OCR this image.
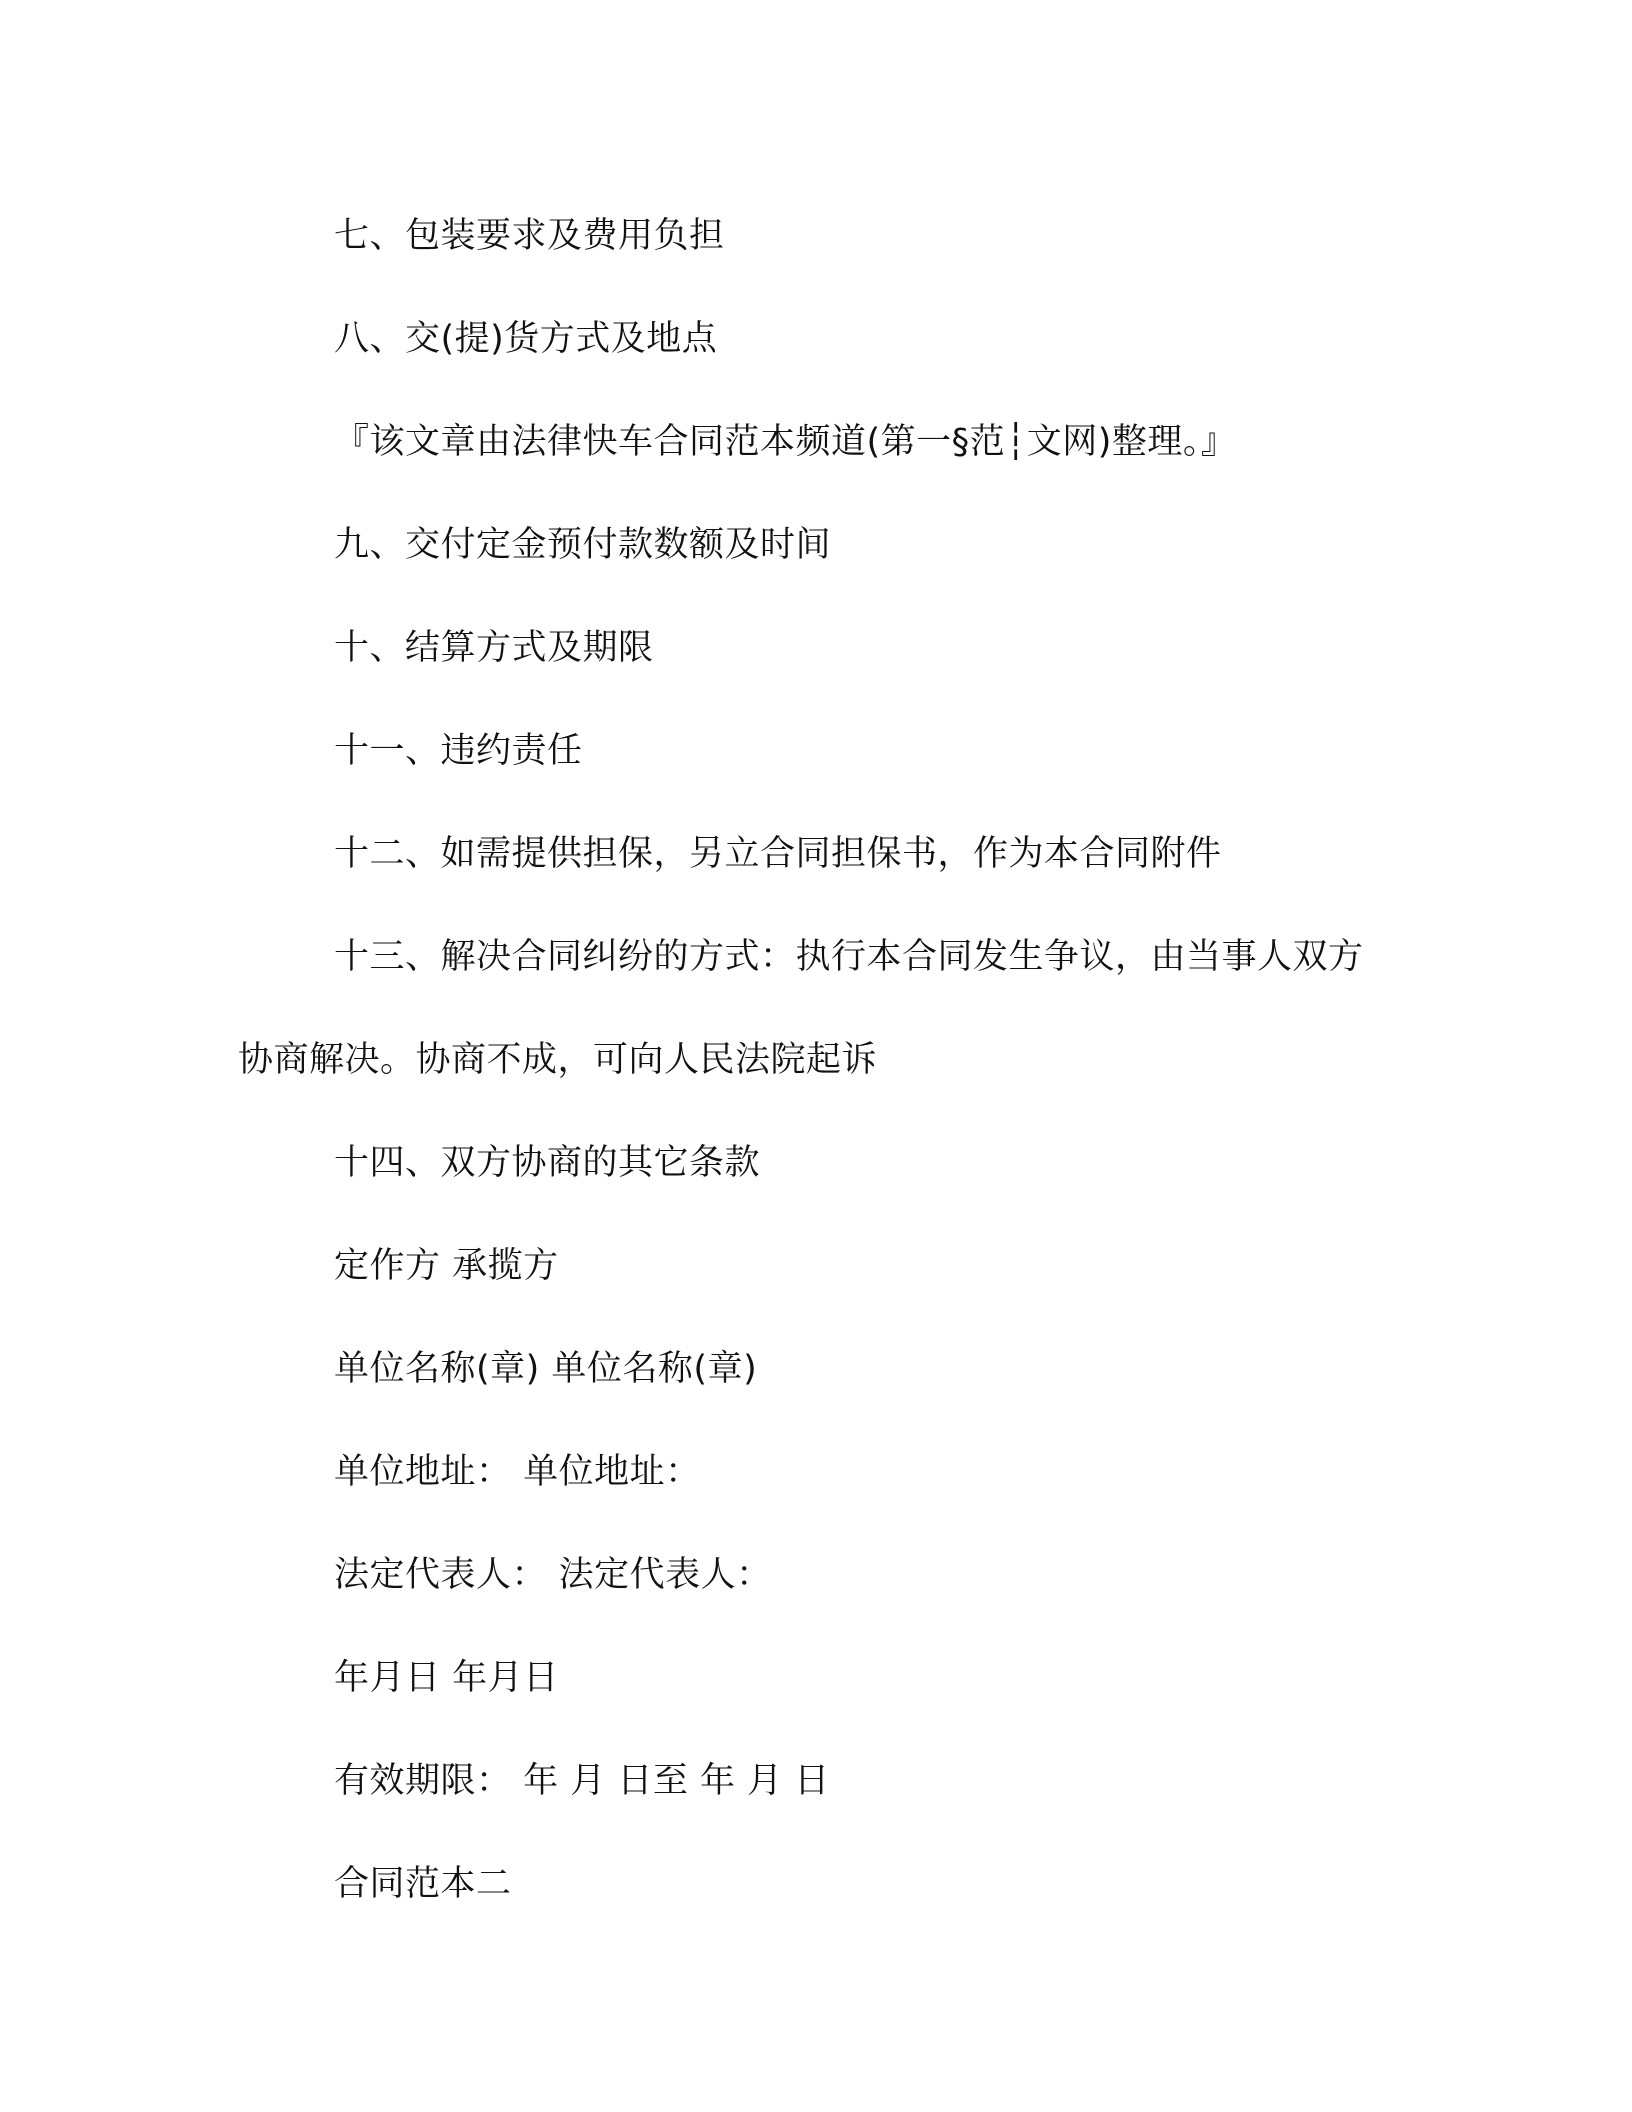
七、包装要求及费用负担

八、交(提)货方式及地点

『该文章由法律快车合同范本频道(第一§范┆文网)整理。』

九、交付定金预付款数额及时间

十、结算方式及期限

十一、违约责任

十二、如需提供担保，另立合同担保书，作为本合同附件

十三、解决合同纠纷的方式：执行本合同发生争议，由当事人双方协商解决。协商不成，可向人民法院起诉

十四、双方协商的其它条款

定作方 承揽方

单位名称(章) 单位名称(章)

单位地址： 单位地址：

法定代表人： 法定代表人：

年月日 年月日

有效期限： 年 月 日至 年 月 日

合同范本二
